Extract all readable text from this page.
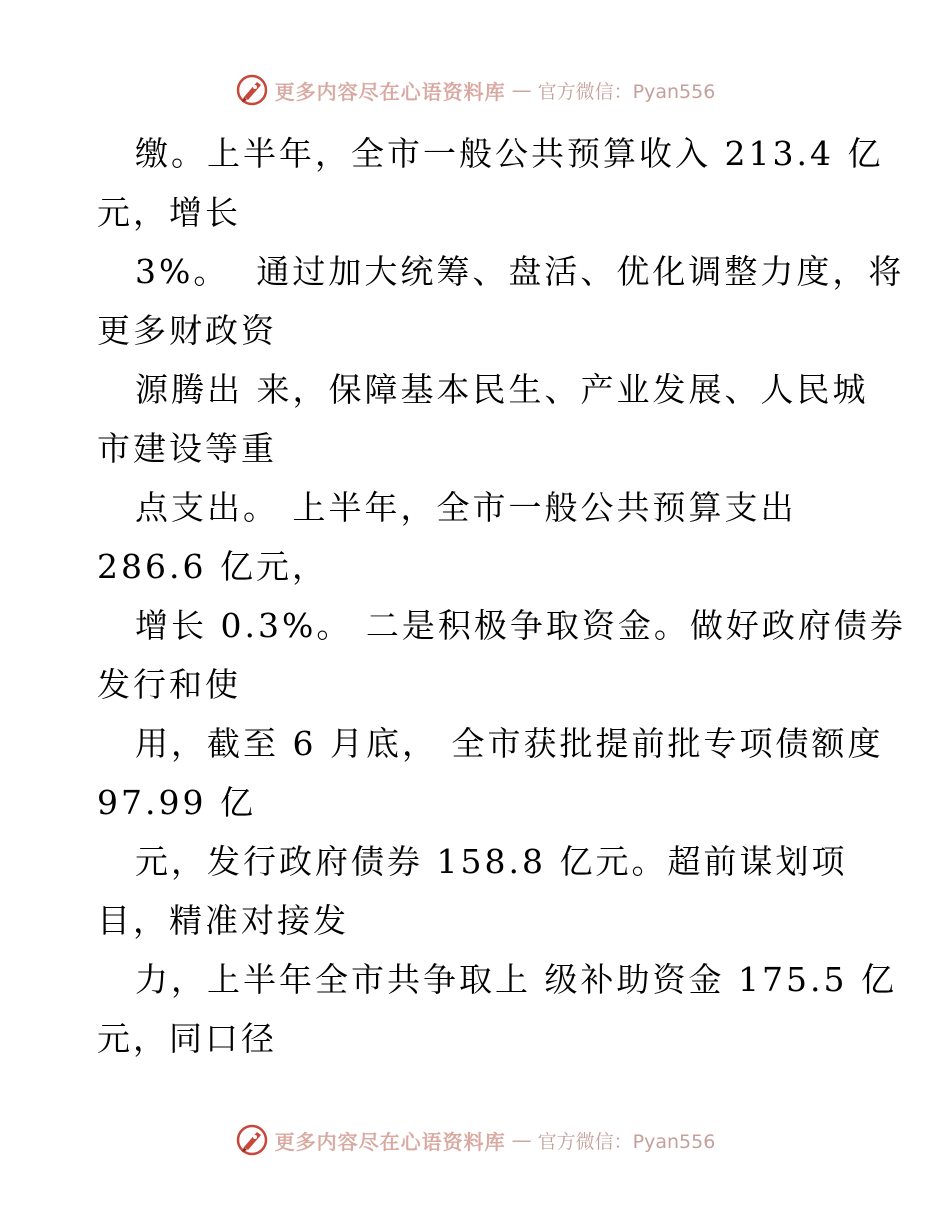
更多内容尽在心语资料库 — 官方微信：Pyan556
缴。上半年，全市一般公共预算收入 213.4 亿
元，增长
3%。  通过加大统筹、盘活、优化调整力度，将
更多财政资
源腾出 来，保障基本民生、产业发展、人民城
市建设等重
点支出。 上半年，全市一般公共预算支出
286.6 亿元，
增长 0.3%。 二是积极争取资金。做好政府债券
发行和使
用，截至 6 月底， 全市获批提前批专项债额度
97.99 亿
元，发行政府债券 158.8 亿元。超前谋划项
目，精准对接发
力，上半年全市共争取上 级补助资金 175.5 亿
元，同口径
更多内容尽在心语资料库 — 官方微信：Pyan556
